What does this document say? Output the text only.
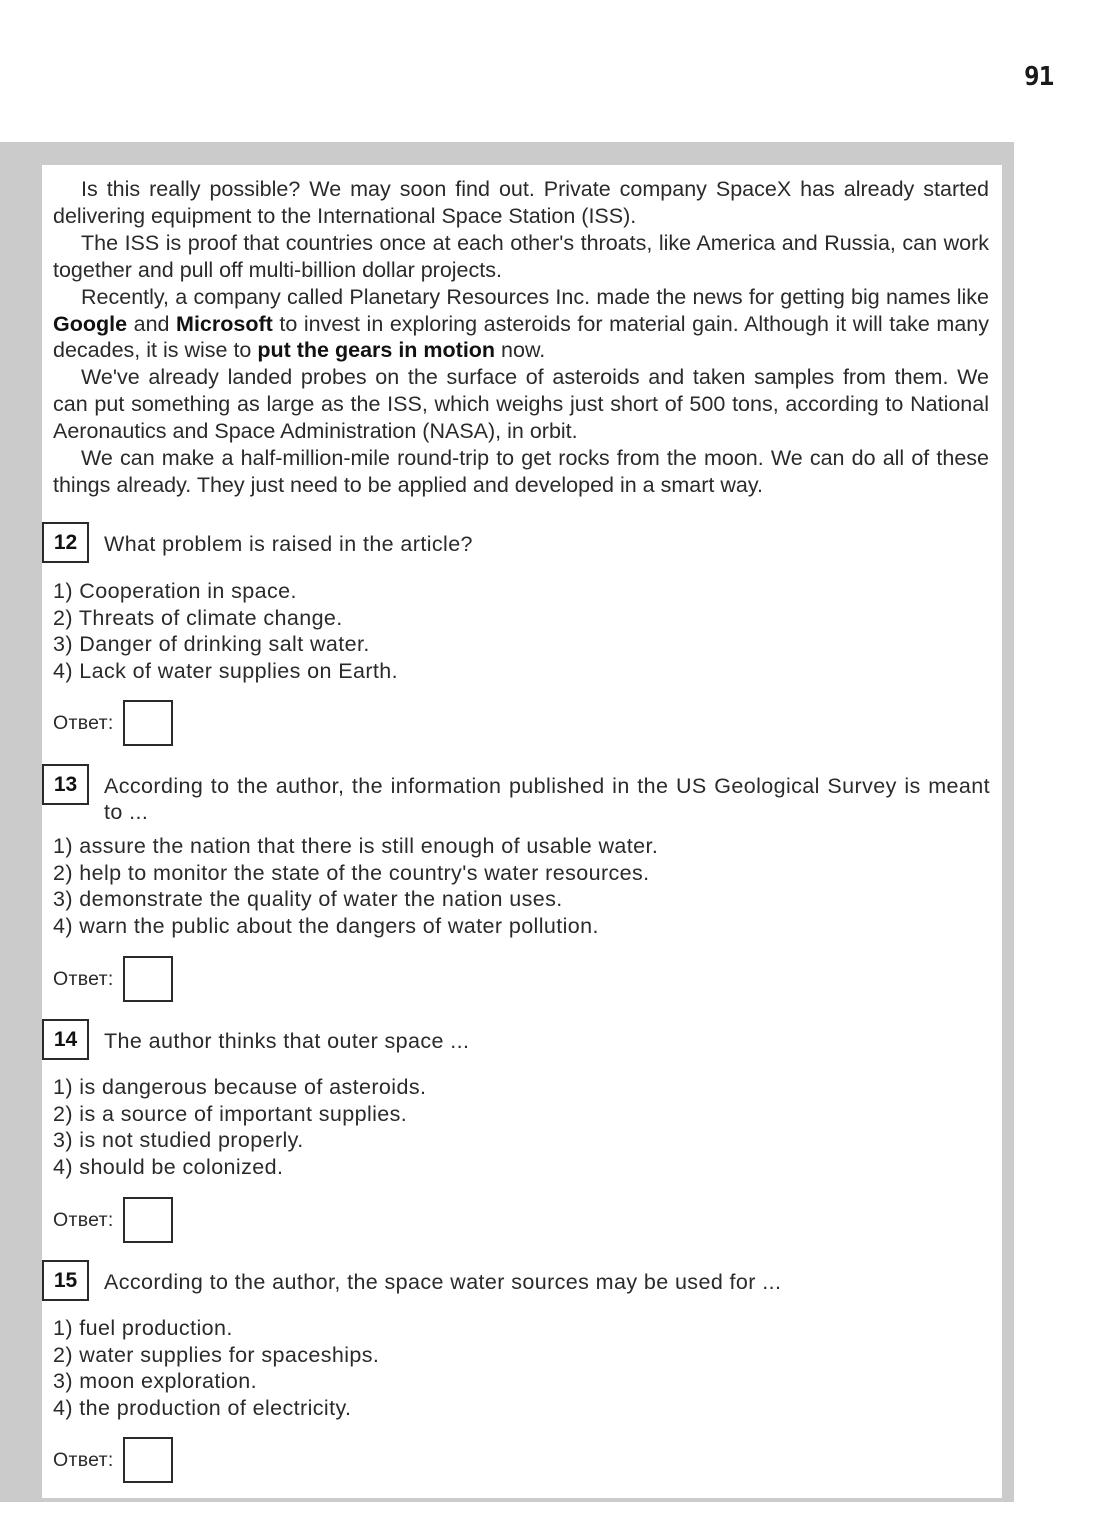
91

Is this really possible? We may soon find out. Private company SpaceX has already started delivering equipment to the International Space Station (ISS).

The ISS is proof that countries once at each other's throats, like America and Russia, can work together and pull off multi-billion dollar projects.

Recently, a company called Planetary Resources Inc. made the news for getting big names like Google and Microsoft to invest in exploring asteroids for material gain. Although it will take many decades, it is wise to put the gears in motion now.

We've already landed probes on the surface of asteroids and taken samples from them. We can put something as large as the ISS, which weighs just short of 500 tons, according to National Aeronautics and Space Administration (NASA), in orbit.

We can make a half-million-mile round-trip to get rocks from the moon. We can do all of these things already. They just need to be applied and developed in a smart way.

12	What problem is raised in the article?
1) Cooperation in space.
2) Threats of climate change.
3) Danger of drinking salt water.
4) Lack of water supplies on Earth.
Ответ:
13	According to the author, the information published in the US Geological Survey is meant to ...
1) assure the nation that there is still enough of usable water.
2) help to monitor the state of the country's water resources.
3) demonstrate the quality of water the nation uses.
4) warn the public about the dangers of water pollution.
Ответ:
14	The author thinks that outer space ...
1) is dangerous because of asteroids.
2) is a source of important supplies.
3) is not studied properly.
4) should be colonized.
Ответ:
15	According to the author, the space water sources may be used for ...
1) fuel production.
2) water supplies for spaceships.
3) moon exploration.
4) the production of electricity.
Ответ:
